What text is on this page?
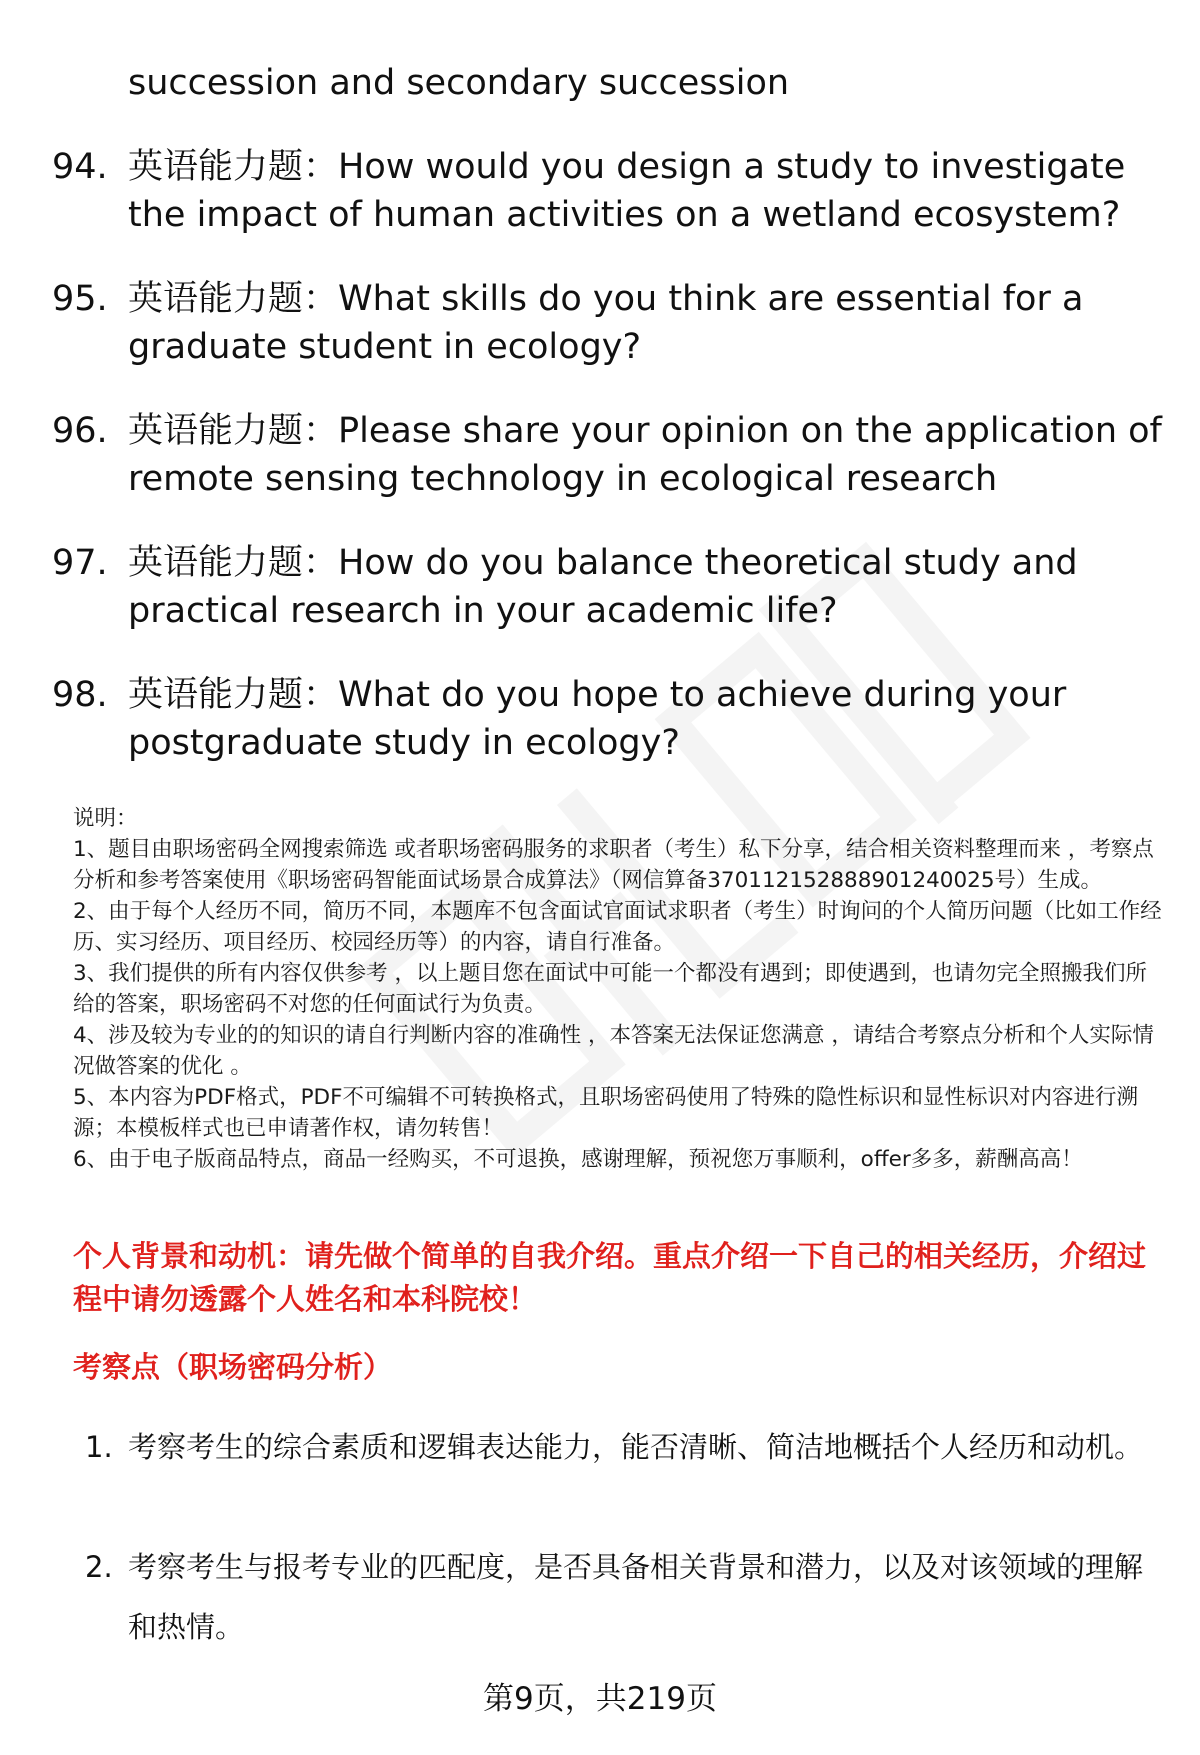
succession and secondary succession
94. 英语能力题：How would you design a study to investigate
the impact of human activities on a wetland ecosystem?
95. 英语能力题：What skills do you think are essential for a
graduate student in ecology?
96. 英语能力题：Please share your opinion on the application of
remote sensing technology in ecological research
97. 英语能力题：How do you balance theoretical study and
practical research in your academic life?
98. 英语能力题：What do you hope to achieve during your
postgraduate study in ecology?

说明：

1、题目由职场密码全网搜索筛选 或者职场密码服务的求职者（考生）私下分享，结合相关资料整理而来 ，考察点分析和参考答案使用《职场密码智能面试场景合成算法》（网信算备370112152888901240025号）生成。

2、由于每个人经历不同，简历不同，本题库不包含面试官面试求职者（考生）时询问的个人简历问题（比如工作经历、实习经历、项目经历、校园经历等）的内容，请自行准备。

3、我们提供的所有内容仅供参考 ，以上题目您在面试中可能一个都没有遇到；即使遇到，也请勿完全照搬我们所给的答案，职场密码不对您的任何面试行为负责。

4、涉及较为专业的的知识的请自行判断内容的准确性 ，本答案无法保证您满意 ，请结合考察点分析和个人实际情况做答案的优化 。

5、本内容为PDF格式，PDF不可编辑不可转换格式，且职场密码使用了特殊的隐性标识和显性标识对内容进行溯源；本模板样式也已申请著作权，请勿转售！

6、由于电子版商品特点，商品一经购买，不可退换，感谢理解，预祝您万事顺利，offer多多，薪酬高高！

个人背景和动机：请先做个简单的自我介绍。重点介绍一下自己的相关经历，介绍过程中请勿透露个人姓名和本科院校！
考察点（职场密码分析）
1. 考察考生的综合素质和逻辑表达能力，能否清晰、简洁地概括个人经历和动机。
2. 考察考生与报考专业的匹配度，是否具备相关背景和潜力，以及对该领域的理解和热情。
第9页，共219页
